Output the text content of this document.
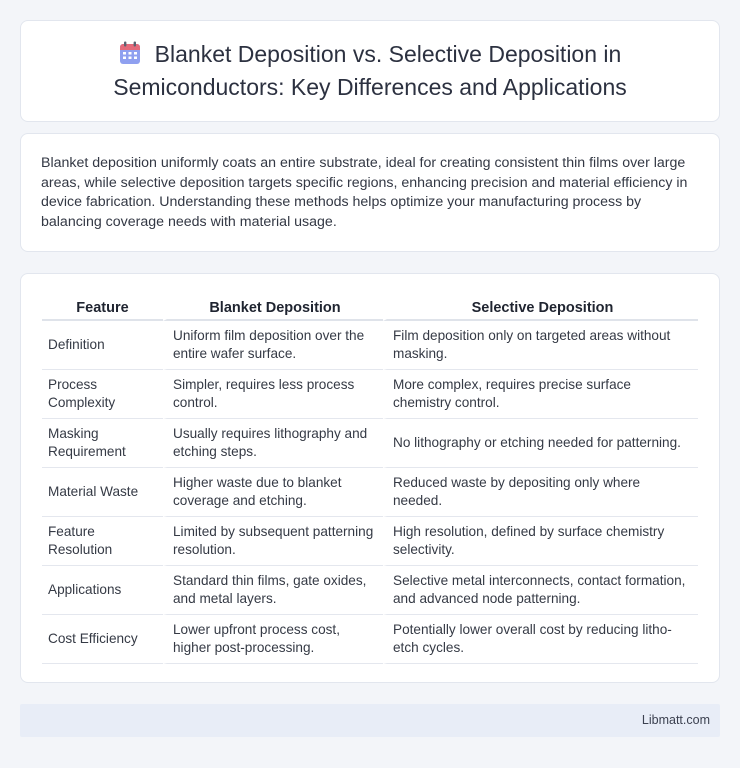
Blanket Deposition vs. Selective Deposition in Semiconductors: Key Differences and Applications

Blanket deposition uniformly coats an entire substrate, ideal for creating consistent thin films over large areas, while selective deposition targets specific regions, enhancing precision and material efficiency in device fabrication. Understanding these methods helps optimize your manufacturing process by balancing coverage needs with material usage.

Feature	Blanket Deposition	Selective Deposition
Definition	Uniform film deposition over the entire wafer surface.	Film deposition only on targeted areas without masking.
Process Complexity	Simpler, requires less process control.	More complex, requires precise surface chemistry control.
Masking Requirement	Usually requires lithography and etching steps.	No lithography or etching needed for patterning.
Material Waste	Higher waste due to blanket coverage and etching.	Reduced waste by depositing only where needed.
Feature Resolution	Limited by subsequent patterning resolution.	High resolution, defined by surface chemistry selectivity.
Applications	Standard thin films, gate oxides, and metal layers.	Selective metal interconnects, contact formation, and advanced node patterning.
Cost Efficiency	Lower upfront process cost, higher post-processing.	Potentially lower overall cost by reducing litho-etch cycles.
Libmatt.com
